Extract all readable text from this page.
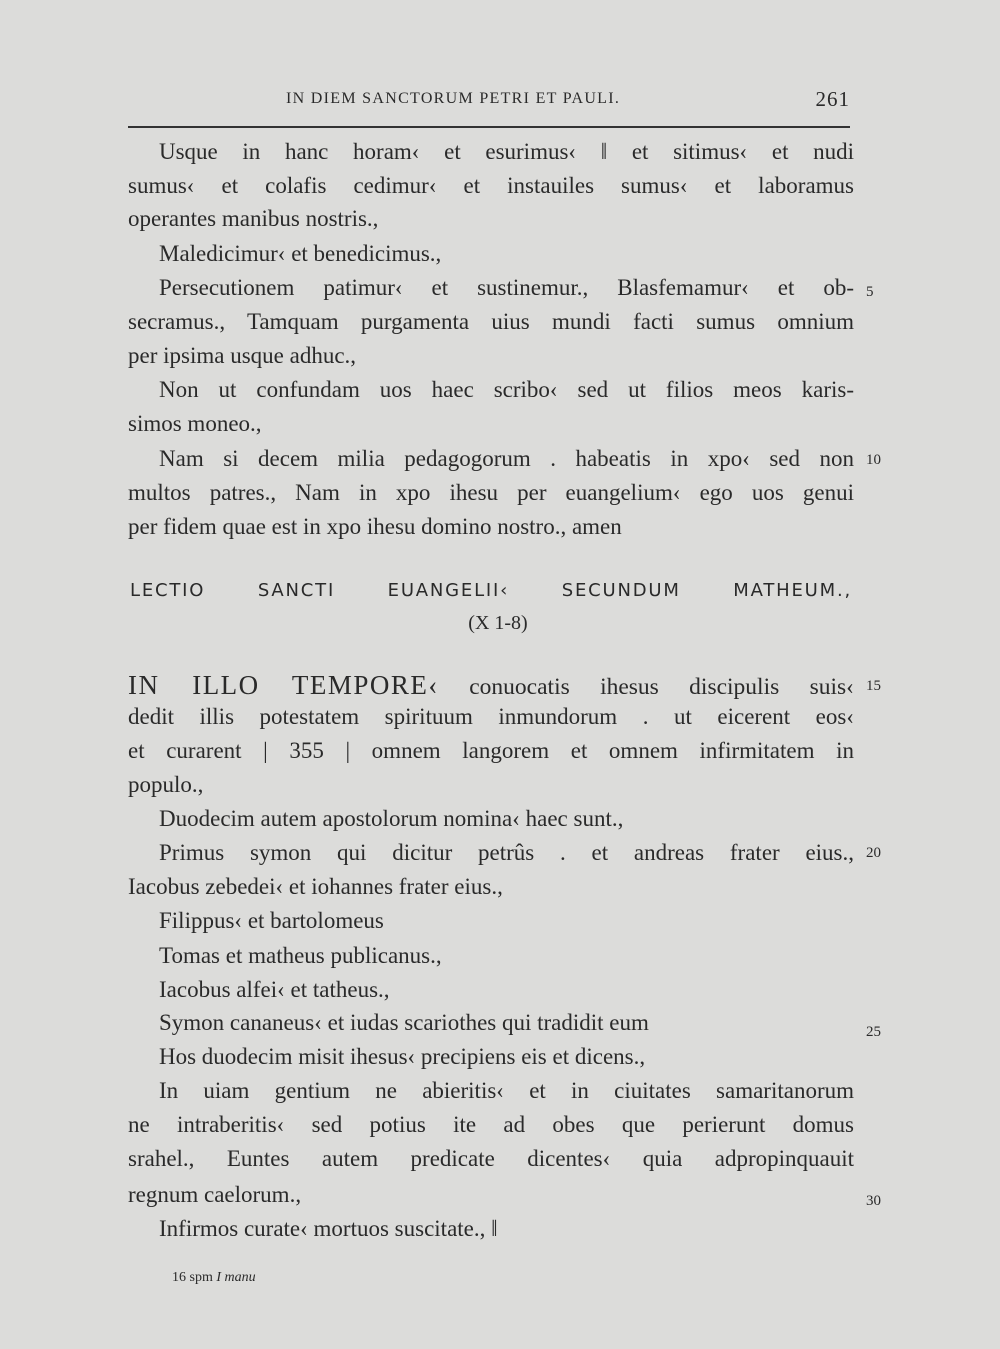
IN DIEM SANCTORUM PETRI ET PAULI.	261
Usque in hanc horam‹ et esurimus‹ ‖ et sitimus‹ et nudi
sumus‹ et colafis cedimur‹ et instauiles sumus‹ et laboramus
operantes manibus nostris.,
Maledicimur‹ et benedicimus.,
Persecutionem patimur‹ et sustinemur., Blasfemamur‹ et ob-
secramus., Tamquam purgamenta uius mundi facti sumus omnium
per ipsima usque adhuc.,
Non ut confundam uos haec scribo‹ sed ut filios meos karis-
simos moneo.,
Nam si decem milia pedagogorum . habeatis in xpo‹ sed non
multos patres., Nam in xpo ihesu per euangelium‹ ego uos genui
per fidem quae est in xpo ihesu domino nostro., amen
5
10
LECTIO SANCTI EUANGELII‹ SECUNDUM MATHEUM.,
(X 1-8)
IN ILLO TEMPORE‹ conuocatis ihesus discipulis suis‹
dedit illis potestatem spirituum inmundorum . ut eicerent eos‹
et curarent | 355 | omnem langorem et omnem infirmitatem in
populo.,
Duodecim autem apostolorum nomina‹ haec sunt.,
Primus symon qui dicitur petrûs . et andreas frater eius.,
Iacobus zebedei‹ et iohannes frater eius.,
Filippus‹ et bartolomeus
Tomas et matheus publicanus.,
Iacobus alfei‹ et tatheus.,
Symon cananeus‹ et iudas scariothes qui tradidit eum
Hos duodecim misit ihesus‹ precipiens eis et dicens.,
In uiam gentium ne abieritis‹ et in ciuitates samaritanorum
ne intraberitis‹ sed potius ite ad obes que perierunt domus
srahel., Euntes autem predicate dicentes‹ quia adpropinquauit
regnum caelorum.,
Infirmos curate‹ mortuos suscitate., ‖
15
20
25
30
16 spm I manu
